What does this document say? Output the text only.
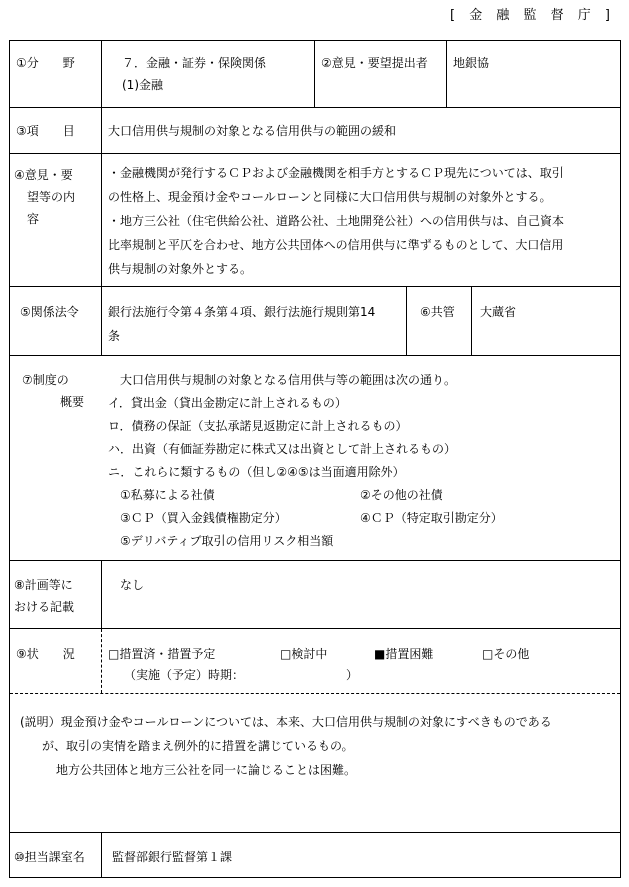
[ 金 融 監 督 庁 ]
①分　　野	７．金融・証券・保険関係
(1)金融
②意見・要望提出者 地銀協
③項　　目	大口信用供与規制の対象となる信用供与の範囲の緩和
④意見・要
望等の内
容
・金融機関が発行するＣＰおよび金融機関を相手方とするＣＰ現先については、取引
の性格上、現金預け金やコールローンと同様に大口信用供与規制の対象外とする。
・地方三公社（住宅供給公社、道路公社、土地開発公社）への信用供与は、自己資本
比率規制と平仄を合わせ、地方公共団体への信用供与に準ずるものとして、大口信用
供与規制の対象外とする。
⑤関係法令 銀行法施行令第４条第４項、銀行法施行規則第14
条
⑥共管 大蔵省
⑦制度の
概要
大口信用供与規制の対象となる信用供与等の範囲は次の通り。
イ．貸出金（貸出金勘定に計上されるもの）
ロ．債務の保証（支払承諾見返勘定に計上されるもの）
ハ．出資（有価証券勘定に株式又は出資として計上されるもの）
ニ．これらに類するもの（但し②④⑤は当面適用除外）
①私募による社債	②その他の社債
③ＣＰ（買入金銭債権勘定分）	④ＣＰ（特定取引勘定分）
⑤デリバティブ取引の信用リスク相当額
⑧計画等に
おける記載
なし
⑨状　　況	□措置済・措置予定	□検討中	■措置困難	□その他
（実施（予定）時期：　　　　　　　　　）
(説明）現金預け金やコールローンについては、本来、大口信用供与規制の対象にすべきものである
が、取引の実情を踏まえ例外的に措置を講じているもの。
地方公共団体と地方三公社を同一に論じることは困難。
⑩担当課室名 監督部銀行監督第１課
